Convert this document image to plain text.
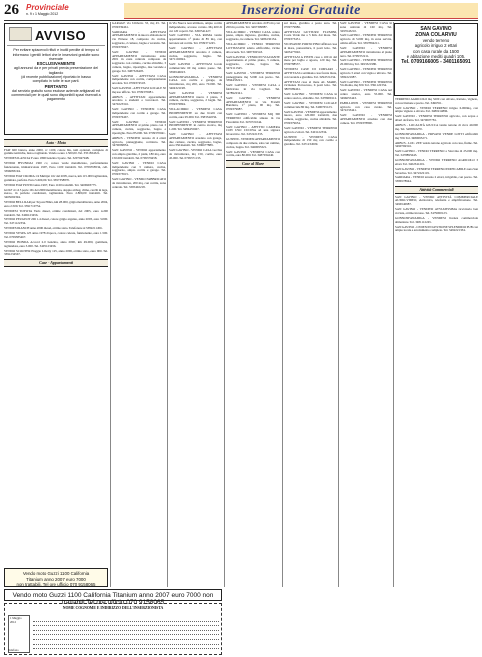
26 Provinciale
n. 9 • 1 Maggio 2012	Inserzioni Gratuite
AVVISO
Per evitare spiacevoli rifiuti e inutili perdite di tempo si informano i gentili lettori che le inserzioni gratuite sono riservate
ESCLUSIVAMENTE
agli annunci da e per privati previa presentazione del tagliando
(di recente pubblicazione) riportato in basso
compilato in tutte le sue parti.
PERTANTO
dal servizio gratuito sono escluse aziende artigianali ed commerciali per le quali sono disponibili spazi riservati a pagamento
Auto - Moto

FIAT 600 bianca, anno 2000, cc 1100, colore blu, tutti optional, completo di gomme termiche, Iasta e tagliando. Vendo a euro 1.500,00. Tel. 3351834321.

VENDESI LANCIA Y euro 1800 benzina 3 porte. Tel. 3207047948.

VENDO HYUNDAI 1300 cc, colore verde metallizzato, perfettamente funzionante, immatricolata 1997, Euro 1100 trattabili. Tel. 0709358534, cell. 3396083194.

VENDO FIAT CROMA 1.9 Multijet 16v del 2005, nuova, km 115.000 tagliandata, gommata, perfetta. Euro 5.600,00. Tel. 3397358870.

VENDO FIAT PUNTO anno 1997, Euro 1100 trattabili. Tel. 3406993775.

GOLF 4 1.6 5 porte 16v del 2000 metallizzata, doppio airbag, clima, cerchi in lega, stereo, in perfette condizioni, tagliandata. Euro 2.800,00 trattabili. Tel. 3403692394.

VENDO BELL RAR per Toyota Hilux, km 28.000, grigia metallizzata, anno 2004, euro 2.500. Tel. 3391710754.

VENDESI TOYOTA Yaris diesel, ottime condizioni, del 2005, euro 4.200 trattabili. Tel. 3406123456.

VENDO PEUGEOT 206 1.4 diesel, colore grigio argento, anno 2003, euro 3.000. Tel. 3471122334.

VENDESI RANCH anno 2000 diesel, ottimo stato. Telefonare al 3382211456.

VENDO VESPA 125 anno 1978 d'epoca, colore celeste, funzionante, euro 1.500. Tel. 0709385467.

VENDO HONDA Accord 2.0 benzina, anno 2000, km 49.000, gommata, tagliandata, euro 3.000. Tel. 3405123456.

VENDO SCOOTER Piaggio Liberty 125, anno 2006, ottimo stato, euro 900. Tel. 3391234567.

Case - Appartamenti

GARAGE via Umberto 33, mq 45. Tel. 0709339461.

SARDARA - AFFITTASI APPARTAMENTO in nuova abitazione in via Pirnese 18, composto da cucina, soggiorno, 2 camere, bagno e veranda. Tel. 0709370947.

SAN GAVINO - VENDO APPARTAMENTO ristrutturato anno 2001 in zona centrale composto da soggiorno con camino, cucina abitabile, 3 camere, bagno, ripostiglio, due verande e garage. Tel. 3487326405.

SAN GAVINO - AFFITTASI CASA indipendente con cortile, completamente arredata. Tel. 0709374518.

SAN GAVINO - AFFITTASI LOCALE 50 mq uso ufficio. Tel. 0709370081.

ARBUS - AFFITTASI appartamento arredato a studenti o lavoratori. Tel. 3470223316.

SAN GAVINO - VENDESI CASA indipendente con cortile e garage. Tel. 0709376467.

SAN GAVINO - VENDO APPARTAMENTO al primo piano con 3 camere, cucina, soggiorno, bagno e ripostiglio. Euro 85.000. Tel. 0709370041.

ARBUS - VENDESI terreno di 4 ettari agricolo, pianeggiante, recintato. Tel. 3470099854.

SAN GAVINO - VENDO appartamento con ampio giardino, 2 piani, 180 mq, euro 150.000 trattabili. Tel. 0709379458.

SAN GAVINO - VENDO CASA indipendente con 3 camere, cucina, soggiorno, ampio cortile e garage. Tel. 0709373915.

SAN GAVINO - VENDO FABBRICATO da ristrutturare, 200 mq, con cortile, zona centrale. Tel. 3395402218.

in Via Nuova non ultimato, ampio cortile indipendente, accesso carraio. Mq 400 di cui 120 coperti. Tel. 3200541427.

SAN GAVINO - VIA ROMA vendo appartamento 1° piano di 85 mq, con terrazza sul cortile. Tel. 0709371245.

SAN GAVINO - AFFITTASI APPARTAMENTO arredato 2 camere, cucina, soggiorno, bagno. Tel. 3471102694.

SAN GAVINO - AFFITTASI locale commerciale 60 mq centro paese. Tel. 3396546023.

GONNOSFANADIGA - VENDESI CASA con cortile e garage, da ristrutturare, mq 200, euro 70.000. Tel. 3404321198.

SAN GAVINO - VENDESI APPARTAMENTO nuovo 2 piano, 3 camere, cucina, soggiorno, 2 bagni. Tel. 0709376894.

VILLACIDRO - VENDESI CASA INDIPENDENTE su due livelli con cortile, euro 95.000. Tel. 3383344556.

SAN GAVINO - VENDESI TERRENO INDIPENDENTE in centro storico, mq 1.200. Tel. 3484455667.

SAN GAVINO - AFFITTASI APPARTAMENTO arredato con garage, due camere, cucina, soggiorno, bagno, euro 350 mensili. Tel. 3396677889.

SAN GAVINO - VENDO CASA vecchia da ristrutturare, mq 150, cortile, euro 45.000. Tel. 0709371133.

APPARTAMENTO arredato di 85 mq con 200 mq cortile. Tel. 3497309887.

VILLACIDRO - VENDO CASA centro paese, ampio ingresso, giardino, cucina, soggiorno, tre camere. Tel. 3486130134.

VILLACIDRO - VENDO TERRENO LOTTIZZATO adatto edificabile, vicino alla scuola. Tel. 3487302543.

SAN GAVINO - VENDO IN VIA DANTE appartamento al primo piano, 3 camere, soggiorno, cucina, bagno. Tel. 3472111345.

SAN GAVINO - VENDESI TERRENO pianeggiante mq 5.000 con pozzo. Tel. 3394433221.

SAN GAVINO - VENDESI CASA e fabbricato in via Cagliari. Tel. 3478922341.

SAN GAVINO - VENDESI APPARTAMENTO in via Fratelli Bandiera, 1° piano, 90 mq. Tel. 0709379987.

SAN GAVINO - VENDESI MQ 300 TERRENO edificabile situato in via Fiorentini. Tel. 3470721044.

SAN GAVINO - AFFITTO CAMERA CON USO CUCINA ad una signora lavoratrice. Tel. 3472221335.

GUSPINI - VENDESI APPARTAMENTO composto da due camere, sala con camino, cucina, bagno. Tel. 3460095321.

SAN GAVINO - VENDESI CASA con cortile, euro 80.000. Tel. 3487034240.

Case al Mare

sul mare, giardino e posto auto. Tel. 0709779986.

AFFITTASI GUTTURU FLUMINI, Costa Verde ma a 5 Km. dal mare. Tel. 0709373451.

VICINANZE PORTO PINO affittasi casa al mare, panoramica, 6 posti letto. Tel. 3403477692.

AFFITTASI A PISTIS casa a 100 m dal mare per luglio e agosto, 120 mq. Tel. 0709788537.

VENDESI CASE DI CORSARI - AFFITTASI a settimana casa fronte mare, con veranda e giardino. Tel. 3294721234.

AFFITTASI casa al mare AL MARE, vicinanze Portoscuso, 6 posti letto. Tel. 3807689461.

SAN GAVINO - VENDESI CASA in centro storico, abitabile. Tel. 3478909112.

SAN GAVINO - VENDESI LOCALE commerciale 80 mq. Tel. 3490765123.

SAN GAVINO - VENDESI appartamento nuovo, euro 120.000 trattabili, due camere, soggiorno, cucina abitabile. Tel. 0709379654.

SAN GAVINO - VENDESI TERRENO agricolo 2 ettari. Tel. 3401122334.

GUSPINI - VENDESI CASA indipendente di 150 mq con cortile e giardino. Tel. 3471234509.

SAN GAVINO - VENDESI CASA in zona centrale di 160 mq. Tel. 3297643210.

SAN GAVINO - VENDESI TERRENO agricolo di 5.000 mq, in zona servita, ottimo affare. Tel. 3397894211.

SAN GAVINO - VENDESI APPARTAMENTO ristrutturato al piano terra. Tel. 0709372211.

SAN GAVINO - VENDESI TERRENO 20.000 mq. Tel. 3493321980.

SAN GAVINO - VENDESI TERRENO agricolo 3 ettari con vigna e uliveto. Tel. 3382221987.

SAN GAVINO - VENDESI TERRENO Via Roma, mq 300. Tel. 3391122334.

SAN GAVINO - VENDESI CASA nel centro storico, euro 55.000. Tel. 3496655443.

PABILLONIS - VENDESI TERRENO agricolo con casa rurale. Tel. 3472233441.

SAN GAVINO - VENDESI APPARTAMENTO arredato con due camere. Tel. 0709378800.

SAN GAVINO
ZONA COLARVIU
vendo terreno
agricolo irriguo 2 ettari
con casa rurale da 1500
e abitazione mediti quadri 105.
Tel. 0709166005 - 3401165091

TERRENO AGRICOLO mq 5200 con oliveto, frutteto, vigneto, con recinzione e pozzo. Tel. 3496551.

SAN GAVINO - VENDO TERRENO irriguo 6.000mq, con ampio vigneto e oliveto. Tel. 3480214896.

SAN GAVINO - VENDESI TERRENO agricolo, con acqua e alberi da frutta. Tel. 3470007781.

ARBUS - LOCALITÀ GIUCCA vendo terreno di circa 40.000 mq. Tel. 3495810270.

GONNOSFANADIGA - PRIVATO VENDE LOTTI edificabili mq 700. Tel. 3480095271.

ARBUS - LOC. ZEE vendo terreno agricolo con casa, fiume. Tel. 3490769316.

SAN GAVINO - VENDO TERRENO a Strovina di 25.000 mq. Tel. 3478895643.

GONNOSFANADIGA - VENDO TERRENO AGRICOLO 3 ettari. Tel. 3402341201.

SAN GAVINO - VENDESI TERRENO EDIFICABILE zona San Severino. Tel. 3472222119.

SARDARA - VENDO terreno 2 ettari, irrigabile, con pozzo. Tel. 3386578944.

Attività Commerciali

SAN GAVINO - VENDO ATTIVITÀ COMMERCIALE AUDIO-VIDEO, elettronica, telefonia e amplificazione. Tel. 3496540987.

SAN GAVINO - VENDESI AVVIATISSIMA ricevitoria ben avviata, ottimo incasso. Tel. 3479000123.

GONNOSFANADIGA - VENDESI licenza commerciale alimentare. Tel. 3481112245.

SAN GAVINO - CEDESI IN GESTIONE SPLENDIDO PUB con ampio locale e arredamento completo. Tel. 3492221334.

Vendo moto Guzzi 1100 California
Titanium anno 2007 euro 7000
non trattabili. Tel ore ufficio 070 9158065
Vendo moto Guzzi 1100 California Titanium anno 2007 euro 7000 non trattabili Tel ore ufficio 070 9158065
NOME COGNOME E INDIRIZZO DELL'INSERZIONISTA
1 Maggio 2012
Telefono
